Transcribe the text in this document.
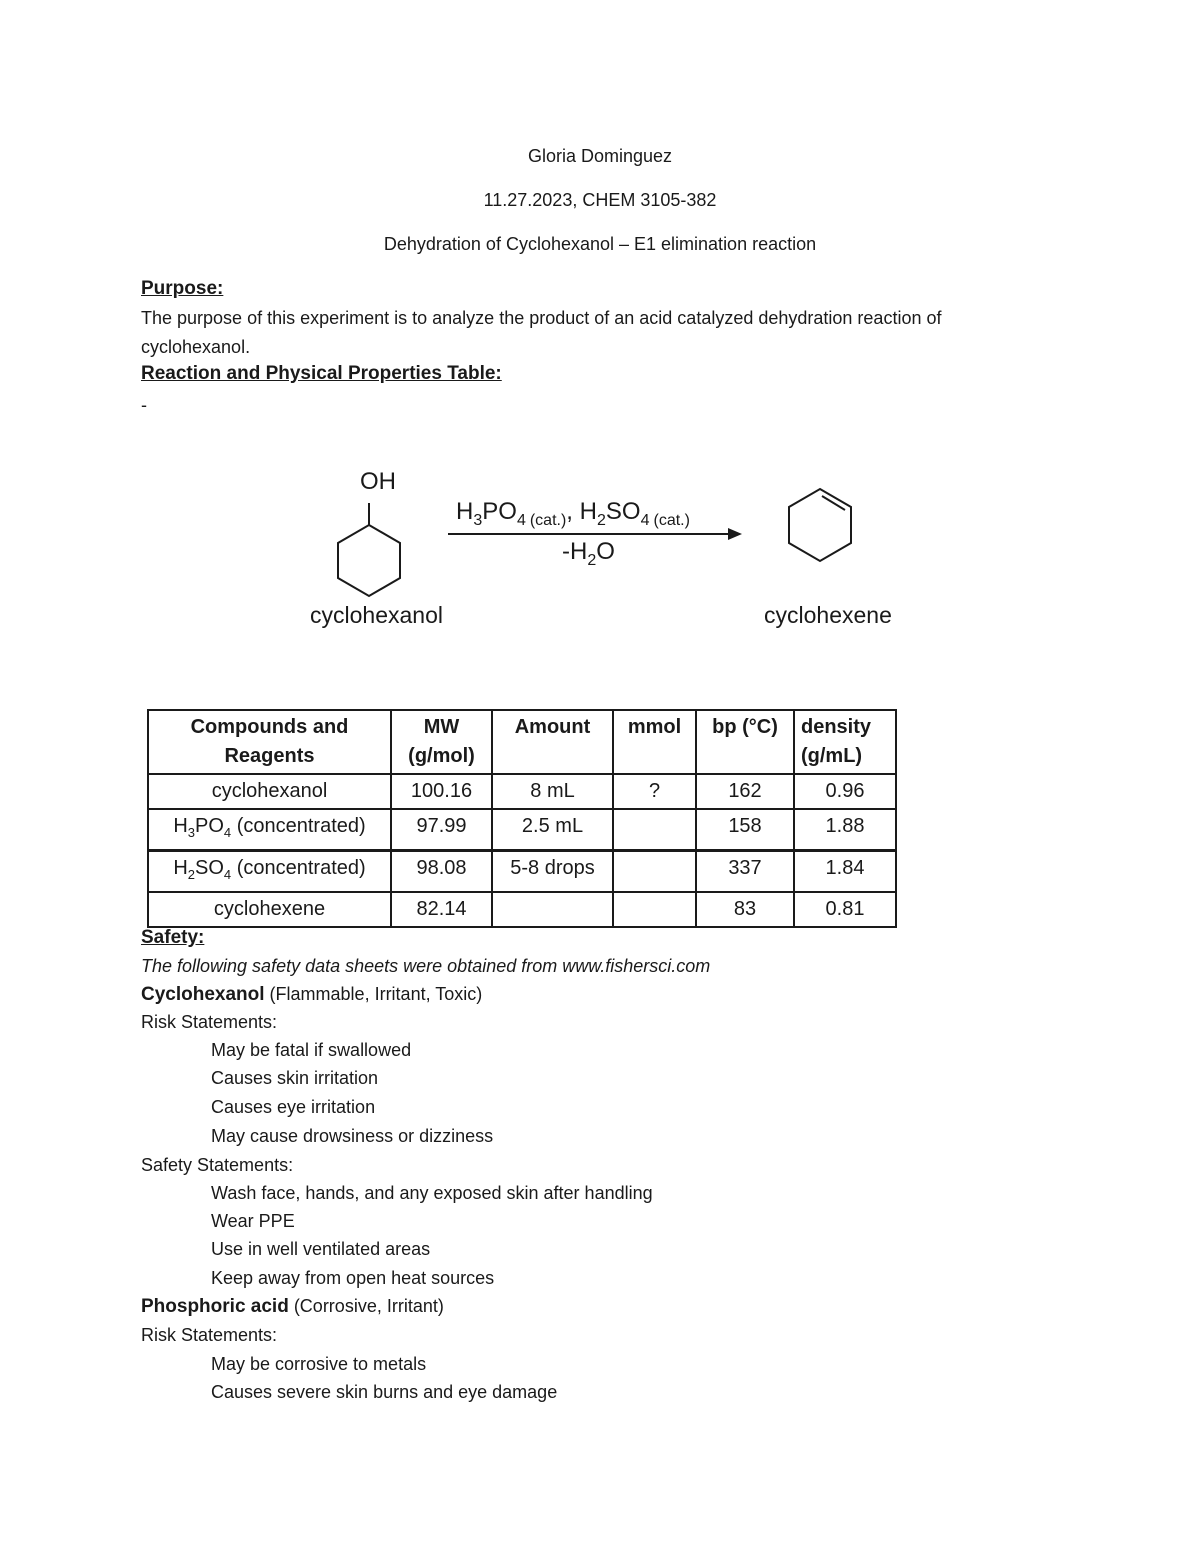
Gloria Dominguez
11.27.2023, CHEM 3105-382
Dehydration of Cyclohexanol – E1 elimination reaction
Purpose:
The purpose of this experiment is to analyze the product of an acid catalyzed dehydration reaction of cyclohexanol.
Reaction and Physical Properties Table:
-
OH
cyclohexanol
$H_3PO_4$ (cat.), $H_2SO_4$ (cat.)
$-H_2O$
cyclohexene
Compounds and Reagents	MW (g/mol)	Amount	mmol	bp (°C)	density (g/mL)
cyclohexanol	100.16	8 mL	?	162	0.96
$H_3PO_4$ (concentrated)	97.99	2.5 mL		158	1.88
$H_2SO_4$ (concentrated)	98.08	5-8 drops		337	1.84
cyclohexene	82.14			83	0.81
Safety:
The following safety data sheets were obtained from www.fishersci.com
Cyclohexanol (Flammable, Irritant, Toxic)
Risk Statements:
May be fatal if swallowed
Causes skin irritation
Causes eye irritation
May cause drowsiness or dizziness
Safety Statements:
Wash face, hands, and any exposed skin after handling
Wear PPE
Use in well ventilated areas
Keep away from open heat sources
Phosphoric acid (Corrosive, Irritant)
Risk Statements:
May be corrosive to metals
Causes severe skin burns and eye damage
